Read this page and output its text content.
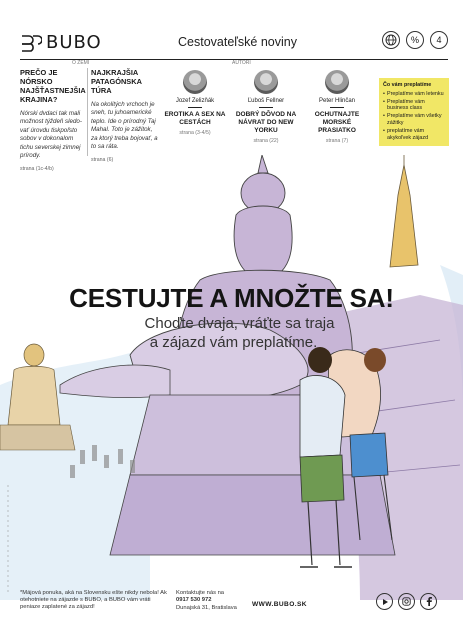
BUBO	Cestovateľské noviny	%	4
O ZEMI	AUTORI
PREČO JE NÓRSKO NAJŠŤASTNEJŠIA KRAJINA?
Nórski dvdaci tak mali možnost týždeň sledo-vať úrovdu tiskpoľsto sobov v dokonalom tichu severskej zimnej prírody.
strana (1c-4/b)
NAJKRAJŠIA PATAGÓNSKA TÚRA
Na okolitých vrchoch je sneh, tu juhoamerické teplo. Ide o prírodný Taj Mahal. Toto je zážitok, za ktorý treba bojovať, a to sa ráta.
strana (6)
Jozef Zelizňák
EROTIKA A SEX NA CESTÁCH
strana (3-4/5)
Ľuboš Fellner
DOBRÝ DÔVOD NA NÁVRAT DO NEW YORKU
strana (22)
Peter Hlinčan
OCHUTNAJTE MORSKÉ PRASIATKO
strana (7)
Čo vám preplatíme
• Preplatíme vám letenku
• Preplatíme vám business class
• Preplatíme vám všetky zážitky
• preplatíme vám akykoľvek zájazd
CESTUJTE A MNOŽTE SA!
Choďte dvaja, vráťte sa traja
a zájazd vám preplatíme.
*Májová ponuka, aká na Slovensku ešte nikdy nebola! Ak otehotniete na zájazde s BUBO, a BUBO vám vráti peniaze zaplatené za zájazd!
Kontaktujte nás na
0917 530 972
Dunajská 31, Bratislava WWW.BUBO.SK
